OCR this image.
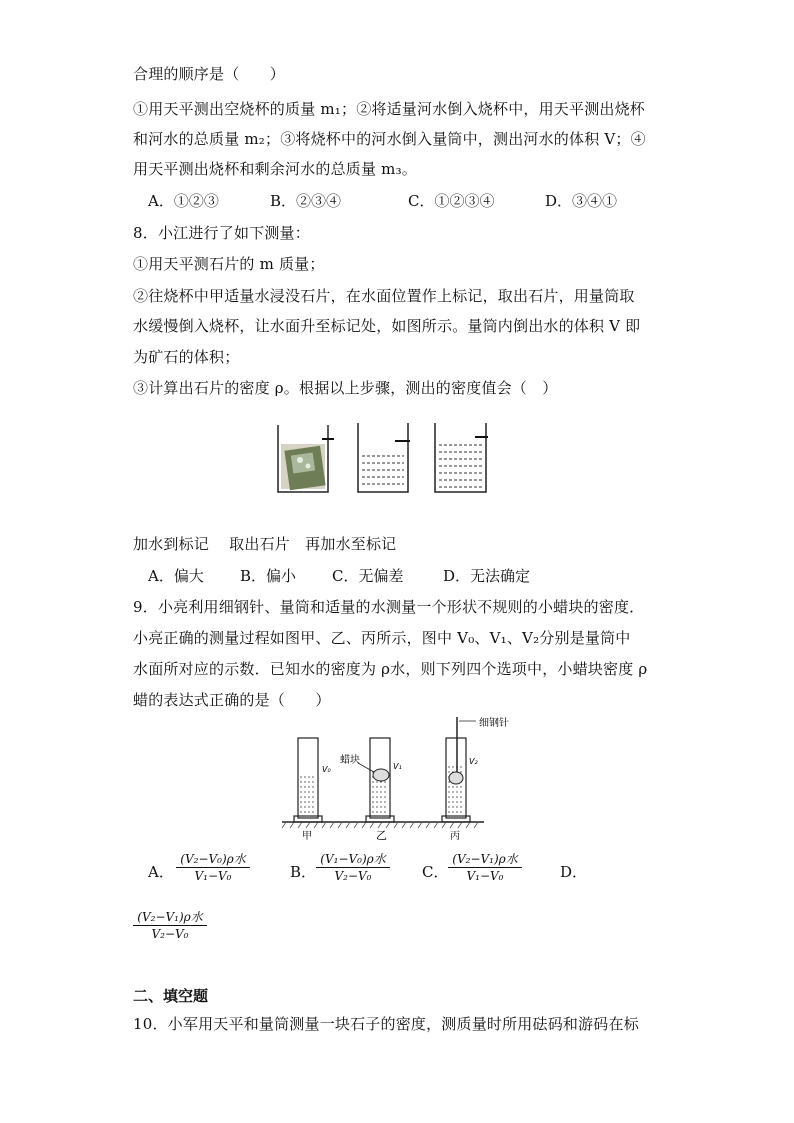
合理的顺序是（　　）
①用天平测出空烧杯的质量 m₁；②将适量河水倒入烧杯中，用天平测出烧杯
和河水的总质量 m₂；③将烧杯中的河水倒入量筒中，测出河水的体积 V；④
用天平测出烧杯和剩余河水的总质量 m₃。
A．①②③	B．②③④	C．①②③④	D．③④①
8．小江进行了如下测量：
①用天平测石片的 m 质量；
②往烧杯中甲适量水浸没石片，在水面位置作上标记，取出石片，用量筒取
水缓慢倒入烧杯，让水面升至标记处，如图所示。量筒内倒出水的体积 V 即
为矿石的体积；
③计算出石片的密度 ρ。根据以上步骤，测出的密度值会（　）
加水到标记　 取出石片　再加水至标记
A．偏大 B．偏小 C．无偏差	D．无法确定
9．小亮利用细钢针、量筒和适量的水测量一个形状不规则的小蜡块的密度．
小亮正确的测量过程如图甲、乙、丙所示，图中 V₀、V₁、V₂分别是量筒中
水面所对应的示数．已知水的密度为 ρ水，则下列四个选项中，小蜡块密度 ρ
蜡的表达式正确的是（　　）
细钢针
蜡块
V₀	V₁
V₂
甲	乙	丙
A．
(V₂−V₀)ρ水
V₁−V₀	B．
(V₁−V₀)ρ水
V₂−V₀	C．
(V₂−V₁)ρ水
V₁−V₀	D．
(V₂−V₁)ρ水
V₂−V₀
二、填空题
10．小军用天平和量筒测量一块石子的密度，测质量时所用砝码和游码在标
